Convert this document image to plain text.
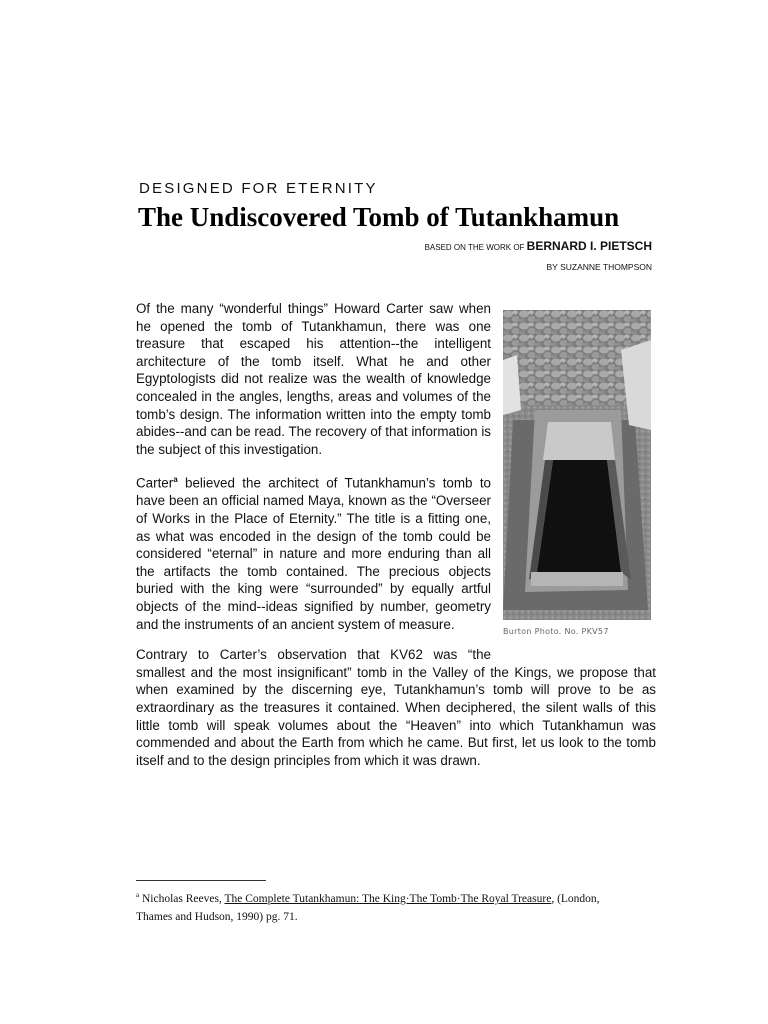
DESIGNED FOR ETERNITY
The Undiscovered Tomb of Tutankhamun
BASED ON THE WORK OF BERNARD I. PIETSCH
BY SUZANNE THOMPSON
Burton Photo. No. PKV57

Of the many “wonderful things” Howard Carter saw when he opened the tomb of Tutankhamun, there was one treasure that escaped his attention--the intelligent architecture of the tomb itself. What he and other Egyptologists did not realize was the wealth of knowledge concealed in the angles, lengths, areas and volumes of the tomb’s design. The information written into the empty tomb abides--and can be read. The recovery of that information is the subject of this investigation.

Carter$^a$ believed the architect of Tutankhamun’s tomb to have been an official named Maya, known as the “Overseer of Works in the Place of Eternity.” The title is a fitting one, as what was encoded in the design of the tomb could be considered “eternal” in nature and more enduring than all the artifacts the tomb contained. The precious objects buried with the king were “surrounded” by equally artful objects of the mind--ideas signified by number, geometry and the instruments of an ancient system of measure.

Contrary to Carter’s observation that KV62 was “the smallest and the most insignificant” tomb in the Valley of the Kings, we propose that when examined by the discerning eye, Tutankhamun’s tomb will prove to be as extraordinary as the treasures it contained. When deciphered, the silent walls of this little tomb will speak volumes about the “Heaven” into which Tutankhamun was commended and about the Earth from which he came. But first, let us look to the tomb itself and to the design principles from which it was drawn.

$^a$ Nicholas Reeves, The Complete Tutankhamun: The King·The Tomb·The Royal Treasure, (London, Thames and Hudson, 1990) pg. 71.
